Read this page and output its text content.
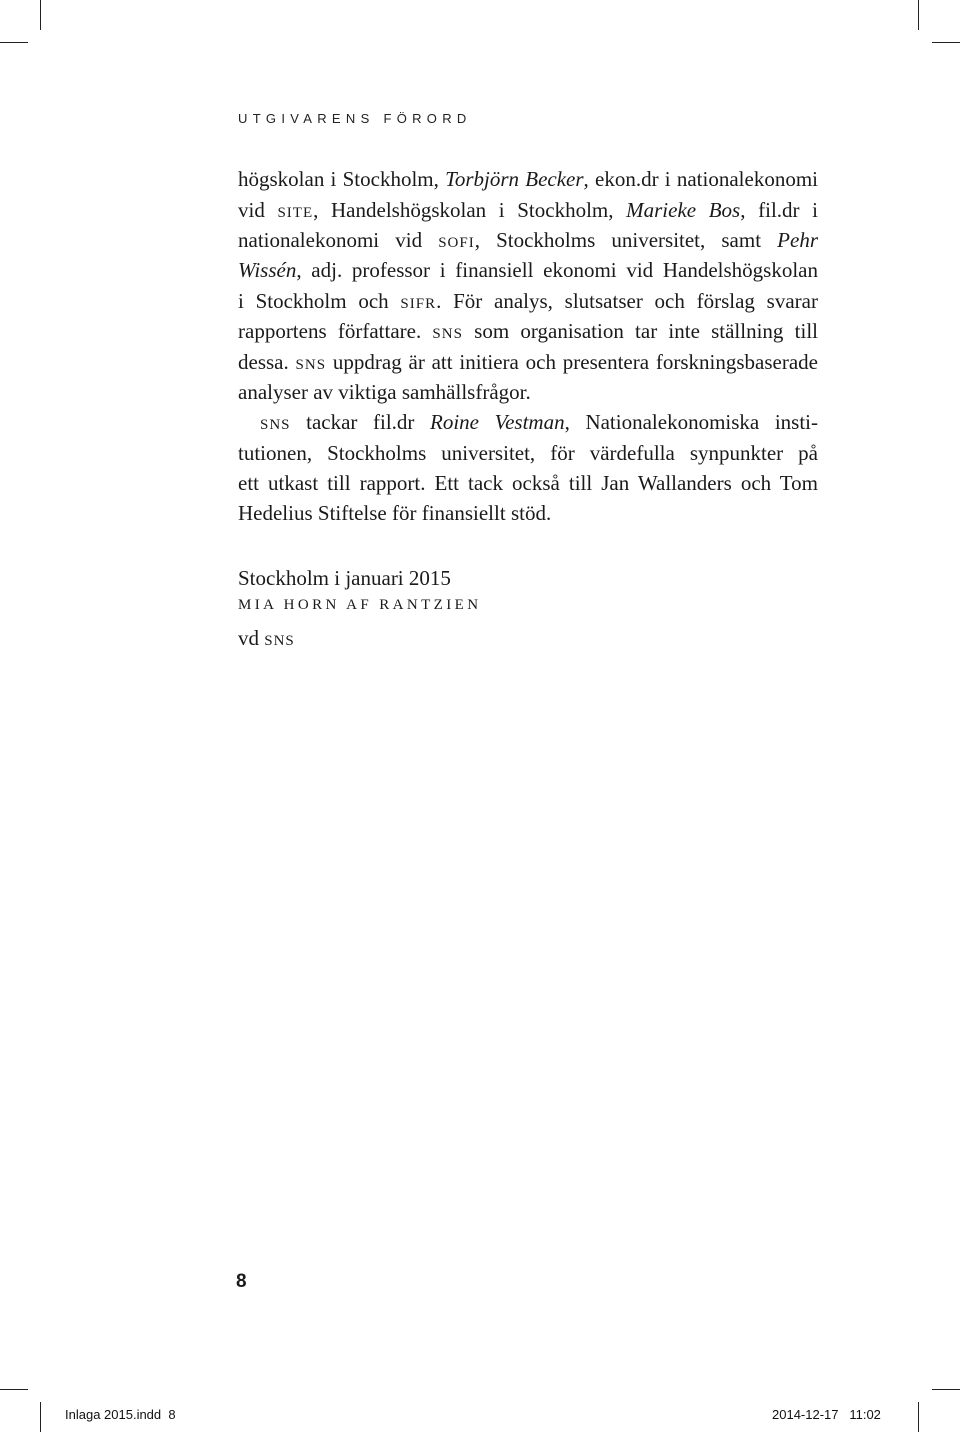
UTGIVARENS FÖRORD
högskolan i Stockholm, Torbjörn Becker, ekon.dr i nationalekonomi
vid site, Handelshögskolan i Stockholm, Marieke Bos, fil.dr i
nationalekonomi vid sofi, Stockholms universitet, samt Pehr
Wissén, adj. professor i finansiell ekonomi vid Handelshögskolan
i Stockholm och sifr. För analys, slutsatser och förslag svarar
rapportens författare. sns som organisation tar inte ställning till
dessa. sns uppdrag är att initiera och presentera forskningsbaserade
analyser av viktiga samhällsfrågor.
sns tackar fil.dr Roine Vestman, Nationalekonomiska insti-
tutionen, Stockholms universitet, för värdefulla synpunkter på
ett utkast till rapport. Ett tack också till Jan Wallanders och Tom
Hedelius Stiftelse för finansiellt stöd.
Stockholm i januari 2015
MIA HORN AF RANTZIEN
vd sns
8
Inlaga 2015.indd 8	2014-12-17 11:02
